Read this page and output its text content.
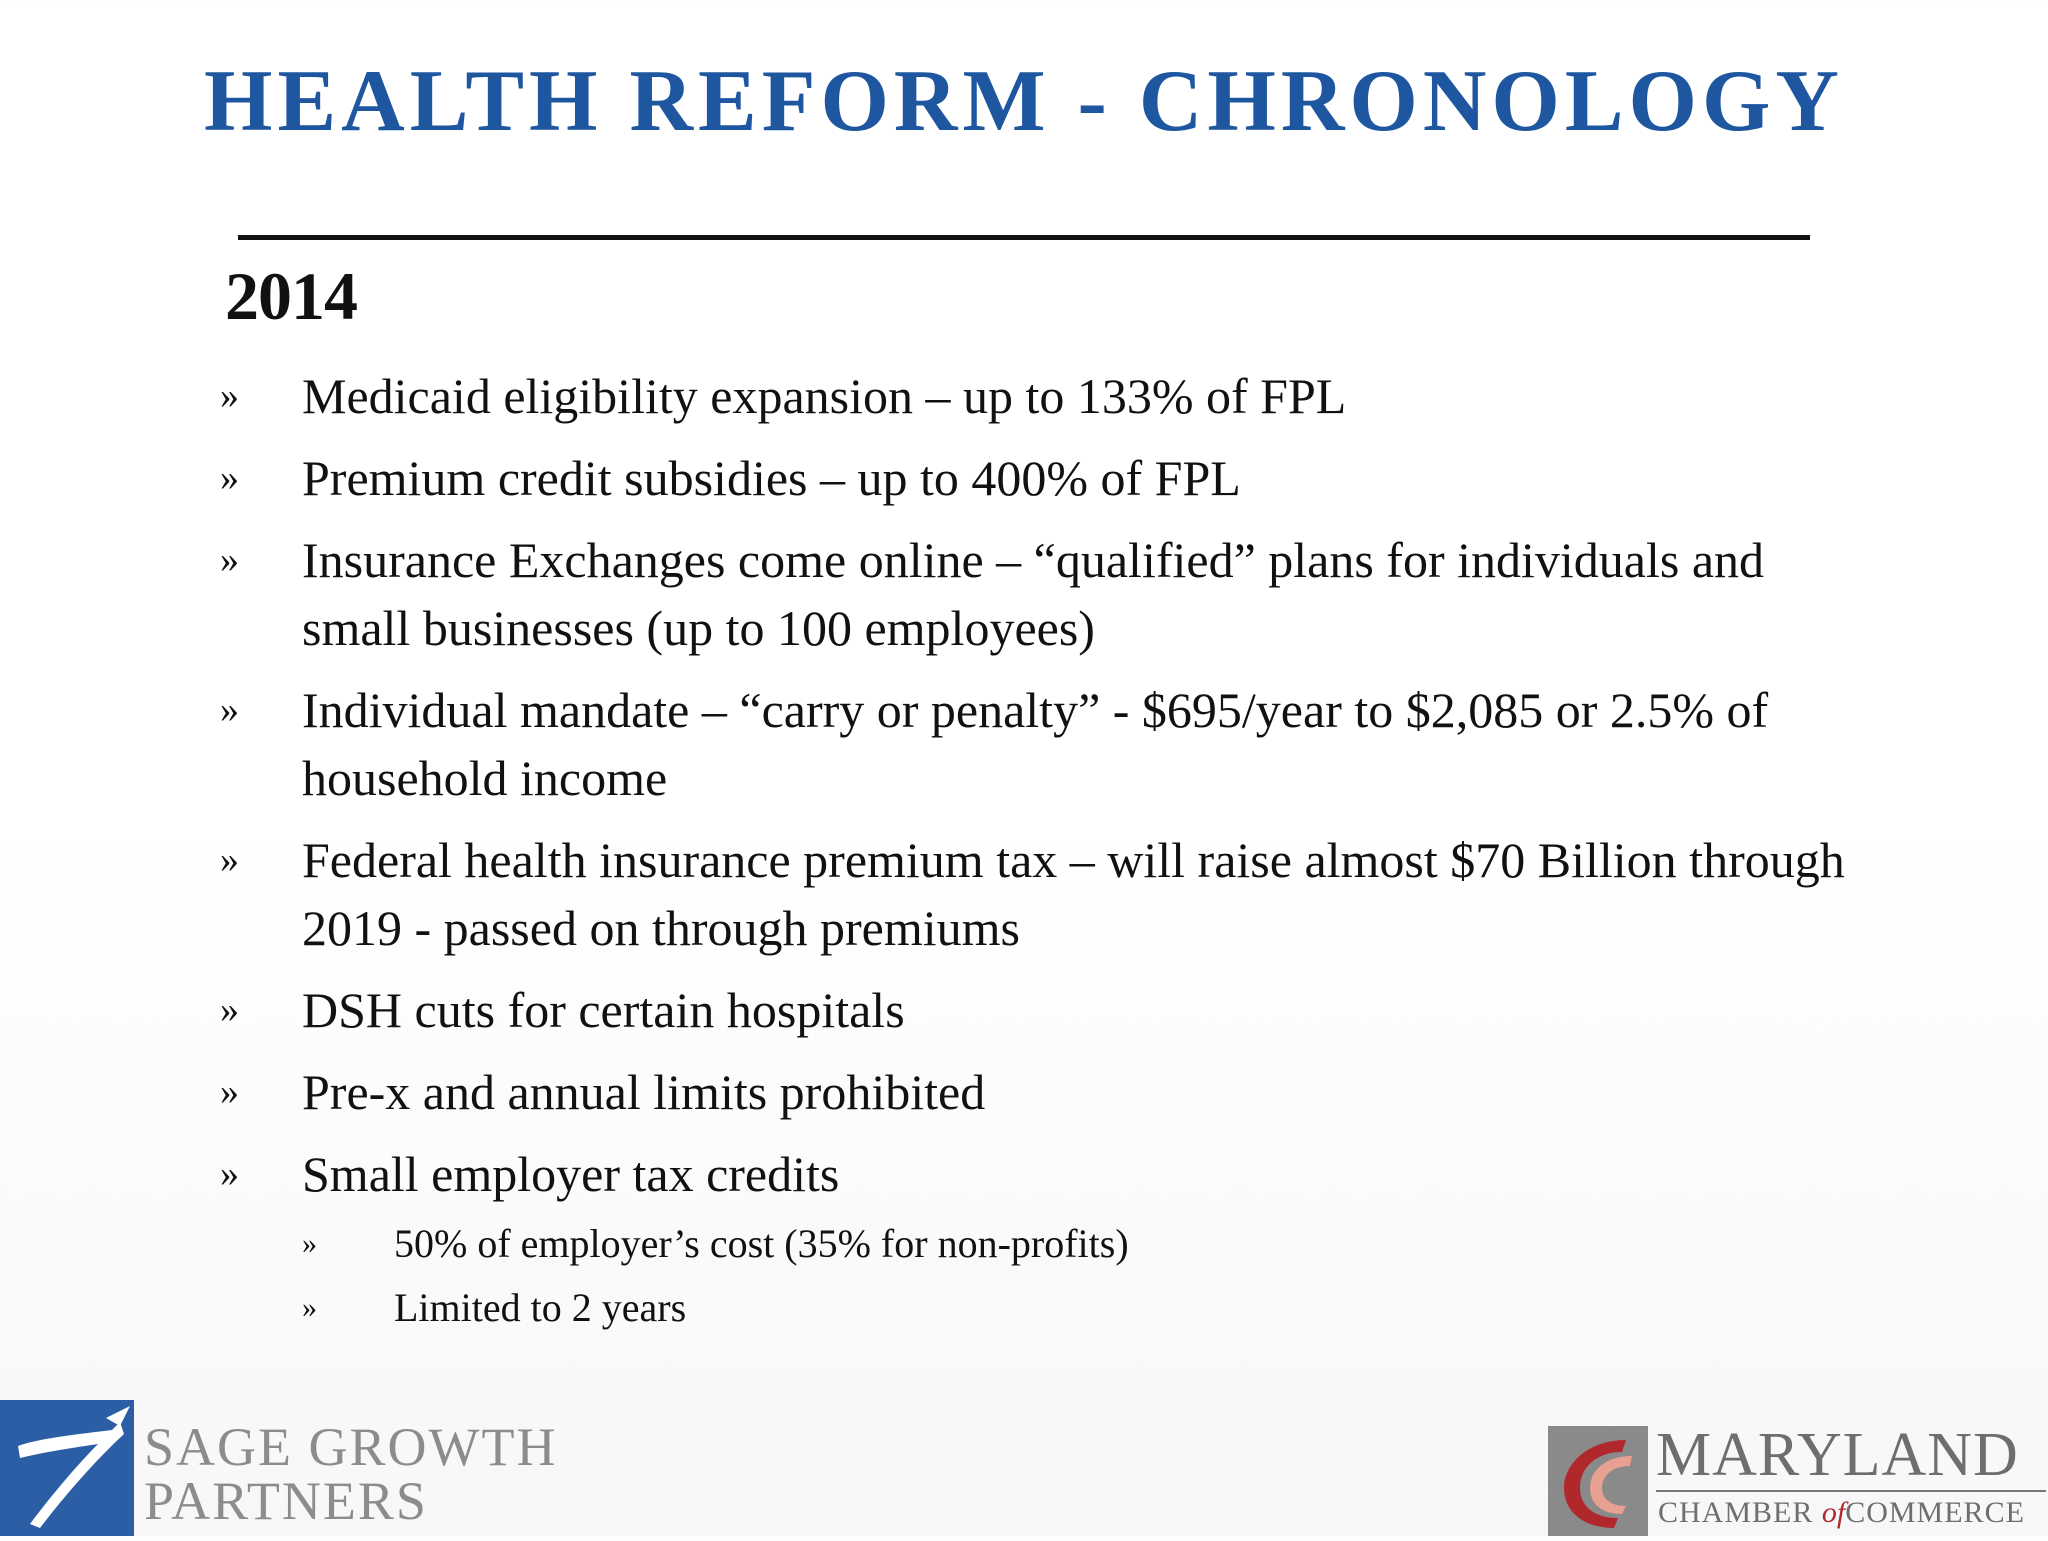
HEALTH REFORM - CHRONOLOGY
2014
»	Medicaid eligibility expansion – up to 133% of FPL
»	Premium credit subsidies – up to 400% of FPL
»	Insurance Exchanges come online – “qualified” plans for individuals and small businesses (up to 100 employees)
»	Individual mandate – “carry or penalty” - $695/year to $2,085 or 2.5% of household income
»	Federal health insurance premium tax – will raise almost $70 Billion through 2019 - passed on through premiums
»	DSH cuts for certain hospitals
»	Pre-x and annual limits prohibited
»	Small employer tax credits
»	50% of employer’s cost (35% for non-profits)
»	Limited to 2 years
SAGE GROWTH
PARTNERS
MARYLAND
CHAMBER ofCOMMERCE
